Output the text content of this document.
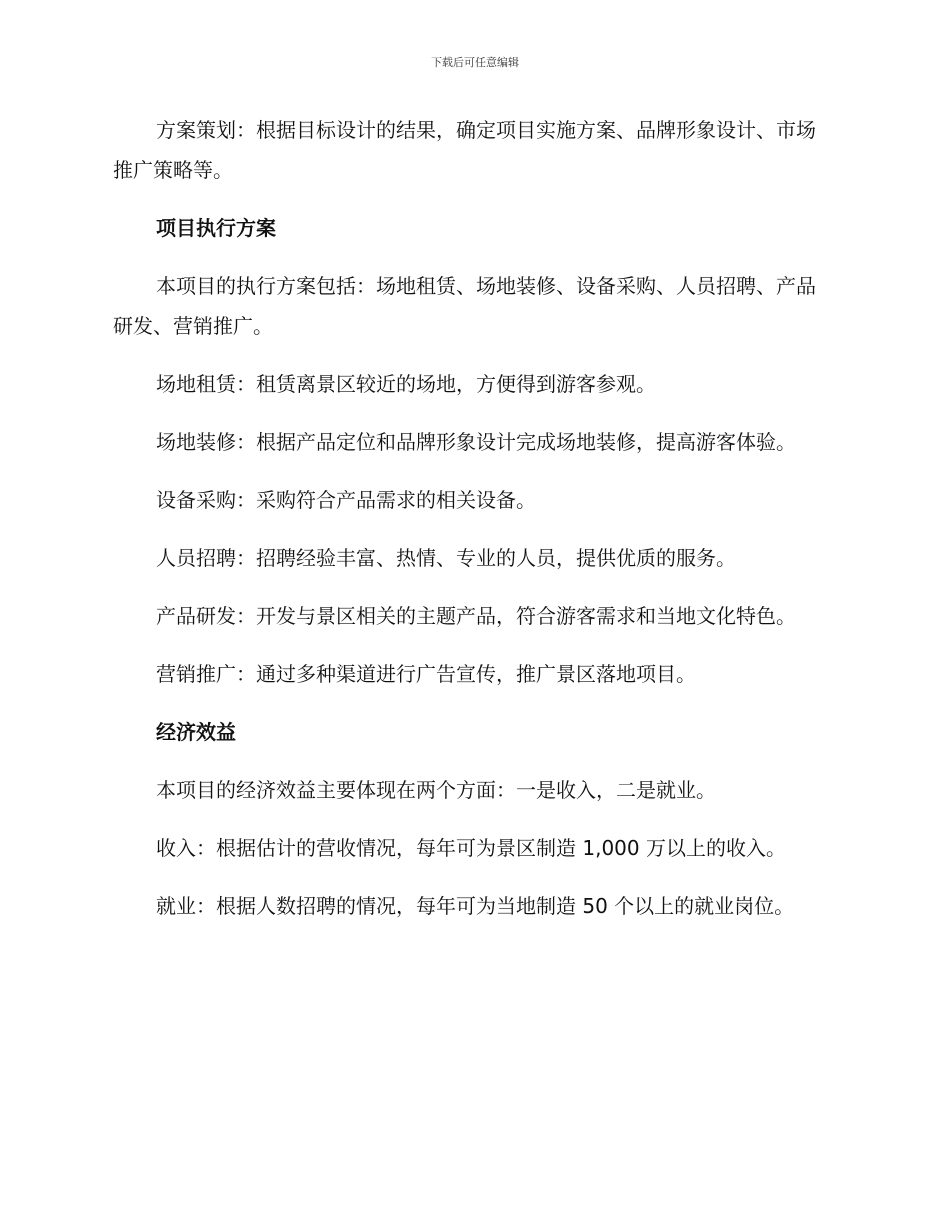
下载后可任意编辑

方案策划：根据目标设计的结果，确定项目实施方案、品牌形象设计、市场推广策略等。

项目执行方案

本项目的执行方案包括：场地租赁、场地装修、设备采购、人员招聘、产品研发、营销推广。

场地租赁：租赁离景区较近的场地，方便得到游客参观。

场地装修：根据产品定位和品牌形象设计完成场地装修，提高游客体验。

设备采购：采购符合产品需求的相关设备。

人员招聘：招聘经验丰富、热情、专业的人员，提供优质的服务。

产品研发：开发与景区相关的主题产品，符合游客需求和当地文化特色。

营销推广：通过多种渠道进行广告宣传，推广景区落地项目。

经济效益

本项目的经济效益主要体现在两个方面：一是收入，二是就业。

收入：根据估计的营收情况，每年可为景区制造 1,000 万以上的收入。

就业：根据人数招聘的情况，每年可为当地制造 50 个以上的就业岗位。
